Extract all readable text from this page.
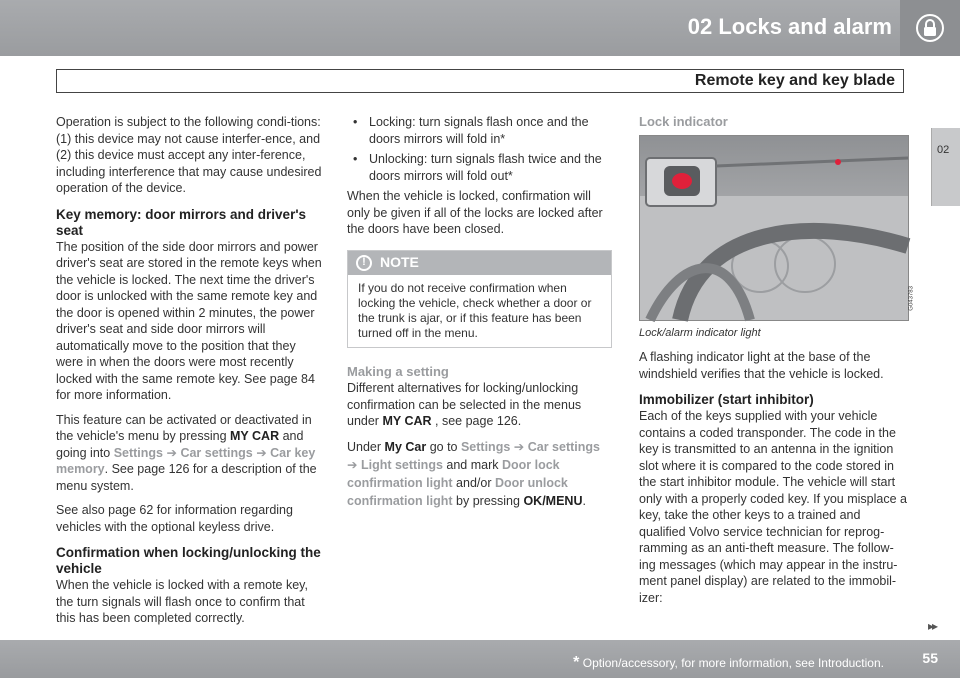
02 Locks and alarm
Remote key and key blade
02

Operation is subject to the following condi-tions: (1) this device may not cause interfer-ence, and (2) this device must accept any inter-ference, including interference that may cause undesired operation of the device.

Key memory: door mirrors and driver's seat

The position of the side door mirrors and power driver's seat are stored in the remote keys when the vehicle is locked. The next time the driver's door is unlocked with the same remote key and the door is opened within 2 minutes, the power driver's seat and side door mirrors will automatically move to the position that they were in when the doors were most recently locked with the same remote key. See page 84 for more information.

This feature can be activated or deactivated in the vehicle's menu by pressing MY CAR and going into Settings ➔ Car settings ➔ Car key memory. See page 126 for a description of the menu system.

See also page 62 for information regarding vehicles with the optional keyless drive.

Confirmation when locking/unlocking the vehicle

When the vehicle is locked with a remote key, the turn signals will flash once to confirm that this has been completed correctly.

• Locking: turn signals flash once and the doors mirrors will fold in*
• Unlocking: turn signals flash twice and the doors mirrors will fold out*

When the vehicle is locked, confirmation will only be given if all of the locks are locked after the doors have been closed.

!	NOTE
If you do not receive confirmation when locking the vehicle, check whether a door or the trunk is ajar, or if this feature has been turned off in the menu.
Making a setting

Different alternatives for locking/unlocking confirmation can be selected in the menus under MY CAR , see page 126.

Under My Car go to Settings ➔ Car settings
➔ Light settings and mark Door lock confirmation light and/or Door unlock confirmation light by pressing OK/MENU.

Lock indicator
G043783
Lock/alarm indicator light

A flashing indicator light at the base of the windshield verifies that the vehicle is locked.

Immobilizer (start inhibitor)

Each of the keys supplied with your vehicle contains a coded transponder. The code in the key is transmitted to an antenna in the ignition slot where it is compared to the code stored in the start inhibitor module. The vehicle will start only with a properly coded key. If you misplace a key, take the other keys to a trained and qualified Volvo service technician for reprog-ramming as an anti-theft measure. The follow-ing messages (which may appear in the instru-ment panel display) are related to the immobil-izer:

▸▸
* Option/accessory, for more information, see Introduction.	55
